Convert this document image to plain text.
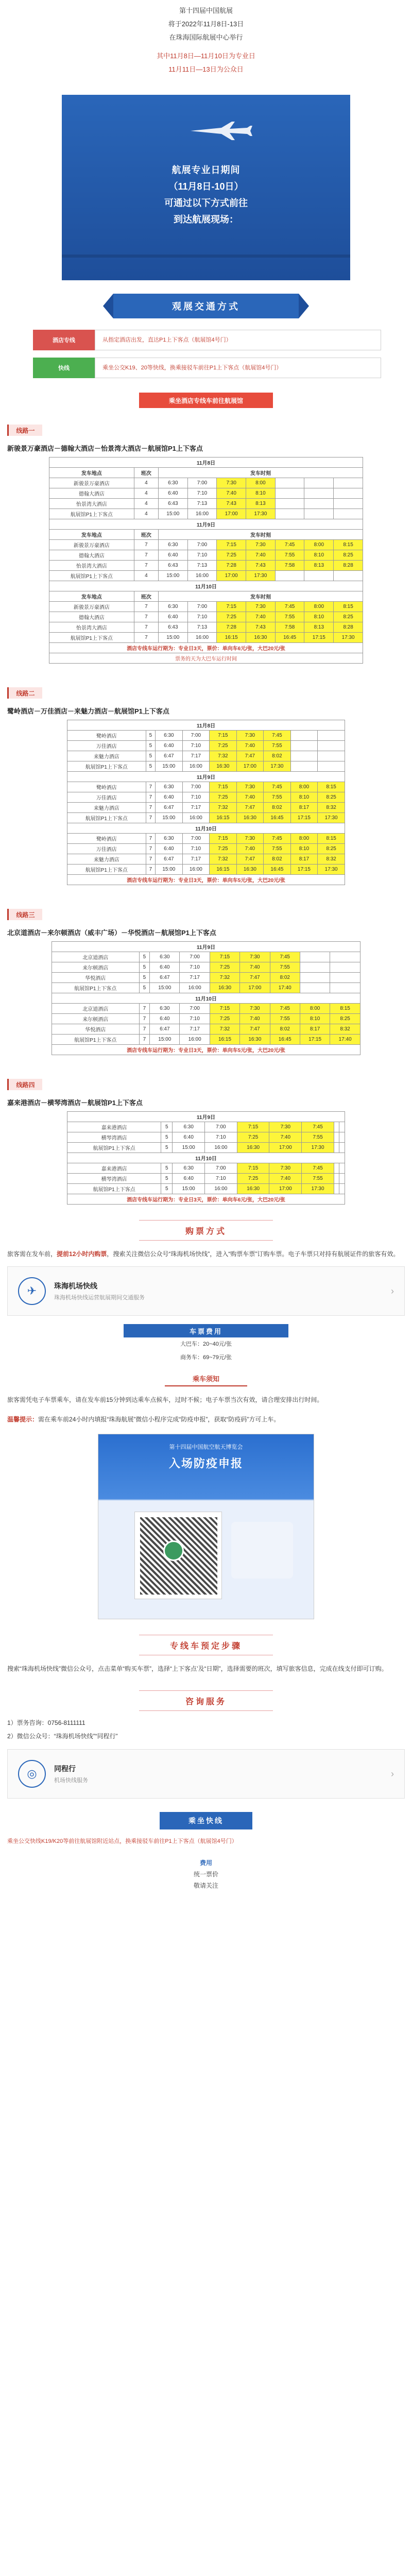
第十四届中国航展
将于2022年11月8日-13日
在珠海国际航展中心举行
其中11月8日—11月10日为专业日
11月11日—13日为公众日
航展专业日期间
（11月8日-10日）
可通过以下方式前往
到达航展现场：
观展交通方式
酒店专线	从指定酒店出发，直达P1上下客点（航展馆4号门）
快线	乘坐公交K19、20等快线，换乘接驳车前往P1上下客点（航展馆4号门）
乘坐酒店专线车前往航展馆
线路一
新骏景万豪酒店－德翰大酒店－怡景湾大酒店－航展馆P1上下客点
11月8日								
发车地点	班次	发车时刻						
新骏景万豪酒店	4	6:30	7:00	7:30	8:00			
德翰大酒店	4	6:40	7:10	7:40	8:10			
怡景湾大酒店	4	6:43	7:13	7:43	8:13			
航展馆P1上下客点	4	15:00	16:00	17:00	17:30			
11月9日								
发车地点	班次	发车时刻						
新骏景万豪酒店	7	6:30	7:00	7:15	7:30	7:45	8:00	8:15
德翰大酒店	7	6:40	7:10	7:25	7:40	7:55	8:10	8:25
怡景湾大酒店	7	6:43	7:13	7:28	7:43	7:58	8:13	8:28
航展馆P1上下客点	4	15:00	16:00	17:00	17:30			
11月10日								
发车地点	班次	发车时刻						
新骏景万豪酒店	7	6:30	7:00	7:15	7:30	7:45	8:00	8:15
德翰大酒店	7	6:40	7:10	7:25	7:40	7:55	8:10	8:25
怡景湾大酒店	7	6:43	7:13	7:28	7:43	7:58	8:13	8:28
航展馆P1上下客点	7	15:00	16:00	16:15	16:30	16:45	17:15	17:30
酒店专线车运行期为：专业日3天，票价：单向车6元/张，大巴20元/张								
票务的天为大巴车运行时间								
线路二
鹭岭酒店－万佳酒店－来魅力酒店－航展馆P1上下客点
11月8日								
鹭岭酒店	5	6:30	7:00	7:15	7:30	7:45		
万佳酒店	5	6:40	7:10	7:25	7:40	7:55		
来魅力酒店	5	6:47	7:17	7:32	7:47	8:02		
航展馆P1上下客点	5	15:00	16:00	16:30	17:00	17:30		
11月9日								
鹭岭酒店	7	6:30	7:00	7:15	7:30	7:45	8:00	8:15
万佳酒店	7	6:40	7:10	7:25	7:40	7:55	8:10	8:25
来魅力酒店	7	6:47	7:17	7:32	7:47	8:02	8:17	8:32
航展馆P1上下客点	7	15:00	16:00	16:15	16:30	16:45	17:15	17:30
11月10日								
鹭岭酒店	7	6:30	7:00	7:15	7:30	7:45	8:00	8:15
万佳酒店	7	6:40	7:10	7:25	7:40	7:55	8:10	8:25
来魅力酒店	7	6:47	7:17	7:32	7:47	8:02	8:17	8:32
航展馆P1上下客点	7	15:00	16:00	16:15	16:30	16:45	17:15	17:30
酒店专线车运行期为：专业日3天，票价：单向车5元/张，大巴20元/张								
线路三
北京道酒店－来尔顿酒店（威丰广场）－华悦酒店－航展馆P1上下客点
11月9日								
北京道酒店	5	6:30	7:00	7:15	7:30	7:45		
来尔顿酒店	5	6:40	7:10	7:25	7:40	7:55		
华悦酒店	5	6:47	7:17	7:32	7:47	8:02		
航展馆P1上下客点	5	15:00	16:00	16:30	17:00	17:40		
11月10日								
北京道酒店	7	6:30	7:00	7:15	7:30	7:45	8:00	8:15
来尔顿酒店	7	6:40	7:10	7:25	7:40	7:55	8:10	8:25
华悦酒店	7	6:47	7:17	7:32	7:47	8:02	8:17	8:32
航展馆P1上下客点	7	15:00	16:00	16:15	16:30	16:45	17:15	17:40
酒店专线车运行期为：专业日3天，票价：单向车5元/张，大巴20元/张								
线路四
嘉来港酒店－横琴湾酒店－航展馆P1上下客点
11月9日								
嘉来港酒店	5	6:30	7:00	7:15	7:30	7:45		
横琴湾酒店	5	6:40	7:10	7:25	7:40	7:55		
航展馆P1上下客点	5	15:00	16:00	16:30	17:00	17:30		
11月10日								
嘉来港酒店	5	6:30	7:00	7:15	7:30	7:45		
横琴湾酒店	5	6:40	7:10	7:25	7:40	7:55		
航展馆P1上下客点	5	15:00	16:00	16:30	17:00	17:30		
酒店专线车运行期为：专业日3天，票价：单向车6元/张，大巴20元/张								
购票方式
旅客需在发车前，提前12小时内购票，搜索关注微信公众号“珠海机场快线”，进入“购票车票”订购车票。电子车票只对持有航展证件的旅客有效。
✈	珠海机场快线
珠海机场快线运营航展期间交通服务
›
车票费用
大巴车：20~40元/张
商务车：69~79元/张
乘车须知
旅客需凭电子车票乘车，请在发车前15分钟到达乘车点候车，过时不候；电子车票当次有效，请合理安排出行时间。
温馨提示：需在乘车前24小时内填报“珠海航展”微信小程序完成“防疫申报”，获取“防疫码”方可上车。
第十四届中国航空航天博览会
入场防疫申报
专线车预定步骤
搜索“珠海机场快线”微信公众号，点击菜单“购买车票”，选择“上下客点’及“日期”，选择需要的班次，填写旅客信息，完成在线支付即可订购。
咨询服务
1）票务咨询：0756-8111111
2）微信公众号：“珠海机场快线”“同程行”
◎	同程行
机场快线服务
›
乘坐快线
乘坐公交快线K19/K20等前往航展馆附近站点，换乘接驳车前往P1上下客点（航展馆4号门）
费用
统一票价
敬请关注
